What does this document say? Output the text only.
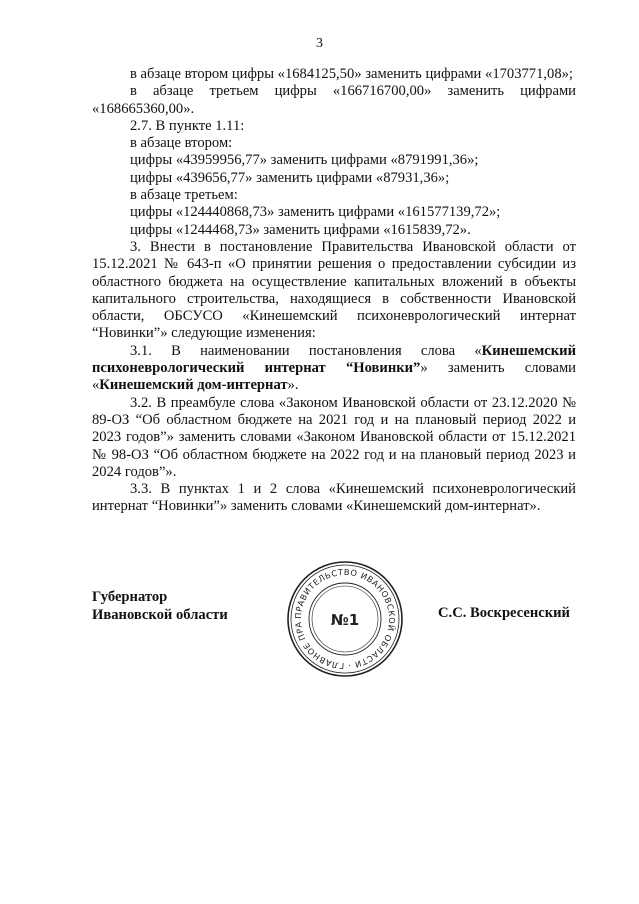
3

в абзаце втором цифры «1684125,50» заменить цифрами «1703771,08»;

в абзаце третьем цифры «166716700,00» заменить цифрами «168665360,00».

2.7. В пункте 1.11:

в абзаце втором:

цифры «43959956,77» заменить цифрами «8791991,36»;

цифры «439656,77» заменить цифрами «87931,36»;

в абзаце третьем:

цифры «124440868,73» заменить цифрами «161577139,72»;

цифры «1244468,73» заменить цифрами «1615839,72».

3. Внести в постановление Правительства Ивановской области от 15.12.2021 № 643-п «О принятии решения о предоставлении субсидии из областного бюджета на осуществление капитальных вложений в объекты капитального строительства, находящиеся в собственности Ивановской области, ОБСУСО «Кинешемский психоневрологический интернат “Новинки”» следующие изменения:

3.1. В наименовании постановления слова «Кинешемский психоневрологический интернат “Новинки”» заменить словами «Кинешемский дом-интернат».

3.2. В преамбуле слова «Законом Ивановской области от 23.12.2020 № 89-ОЗ “Об областном бюджете на 2021 год и на плановый период 2022 и 2023 годов”» заменить словами «Законом Ивановской области от 15.12.2021 № 98-ОЗ “Об областном бюджете на 2022 год и на плановый период 2023 и 2024 годов”».

3.3. В пунктах 1 и 2 слова «Кинешемский психоневрологический интернат “Новинки”» заменить словами «Кинешемский дом-интернат».

Губернатор
Ивановской области	ПРАВИТЕЛЬСТВО ИВАНОВСКОЙ ОБЛАСТИ · ГЛАВНОЕ ПРА	№1	С.С. Воскресенский
